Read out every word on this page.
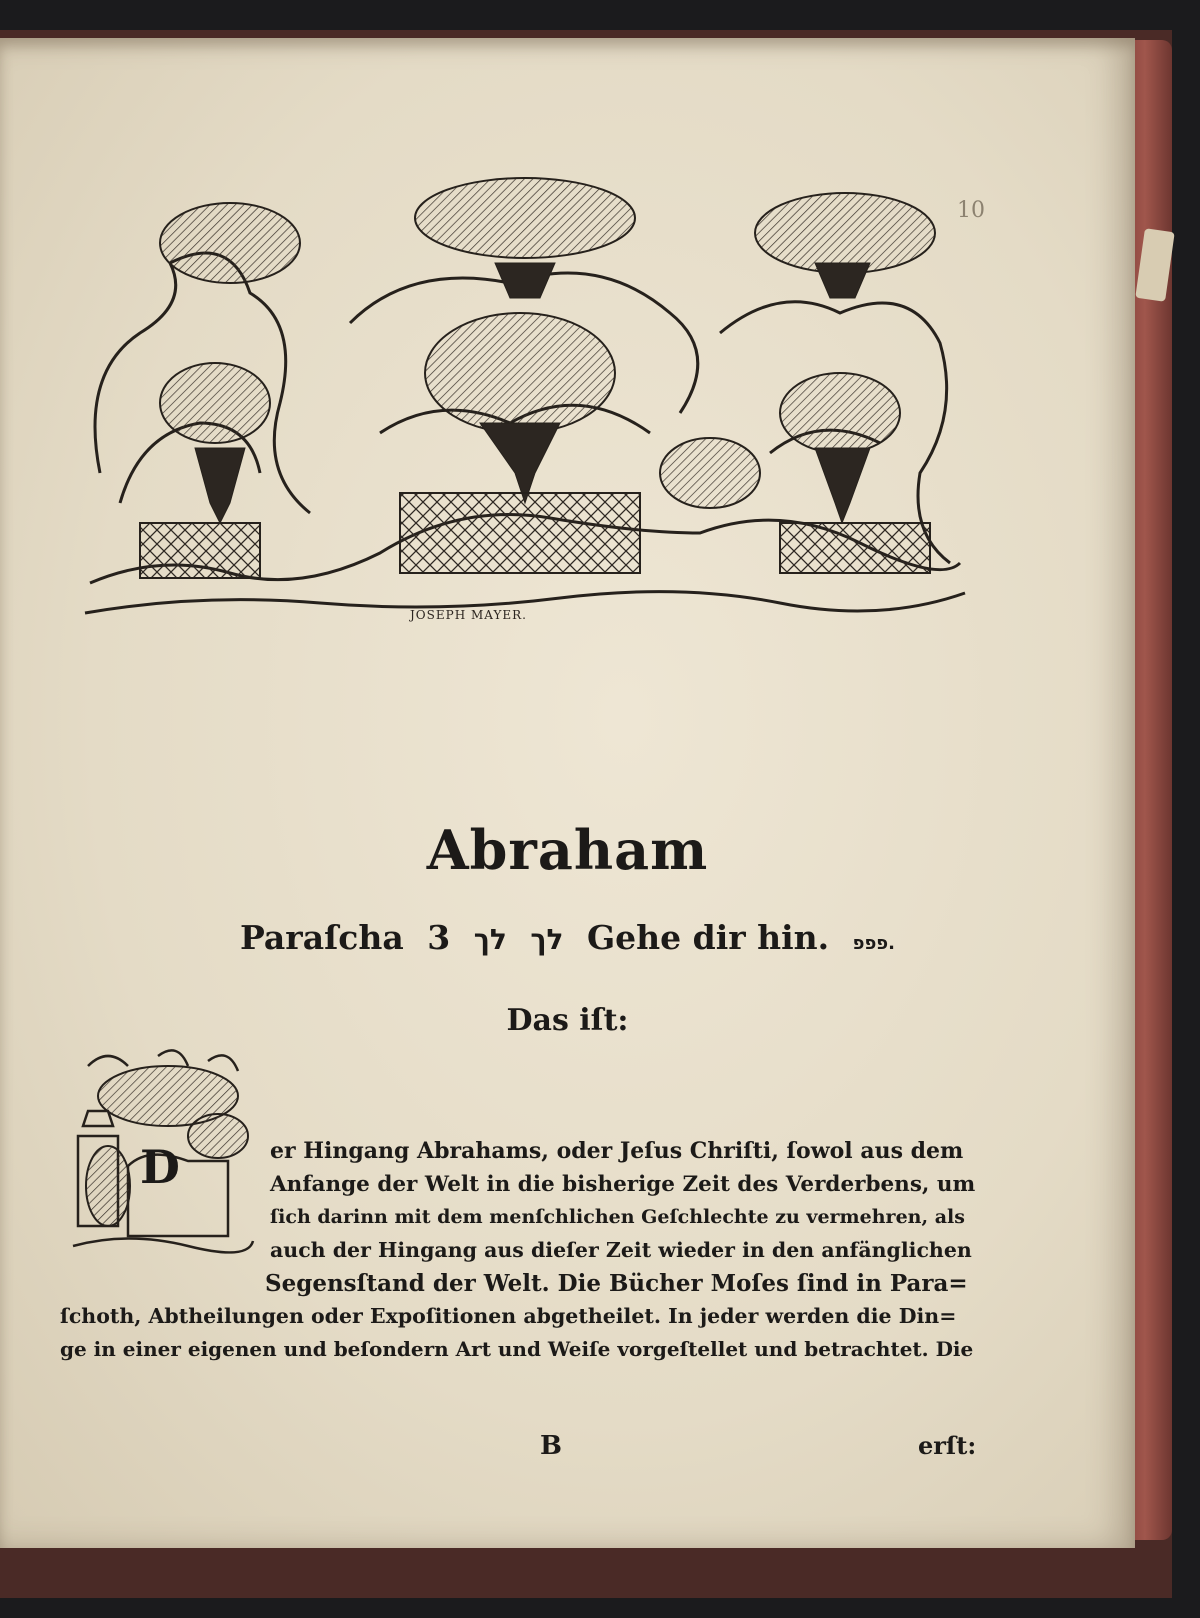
10
JOSEPH MAYER.
Abraham
Paraſcha 3	לך לך Gehe dir hin. פפפ.
Das iſt:
D	er Hingang Abrahams, oder Jeſus Chriſti, ſowol aus dem
Anfange der Welt in die bisherige Zeit des Verderbens, um
ſich darinn mit dem menſchlichen Geſchlechte zu vermehren, als
auch der Hingang aus dieſer Zeit wieder in den anfänglichen
Segensſtand der Welt. Die Bücher Moſes ſind in Para=
ſchoth, Abtheilungen oder Expoſitionen abgetheilet. In jeder werden die Din=
ge in einer eigenen und beſondern Art und Weiſe vorgeſtellet und betrachtet. Die
B	erſt:
